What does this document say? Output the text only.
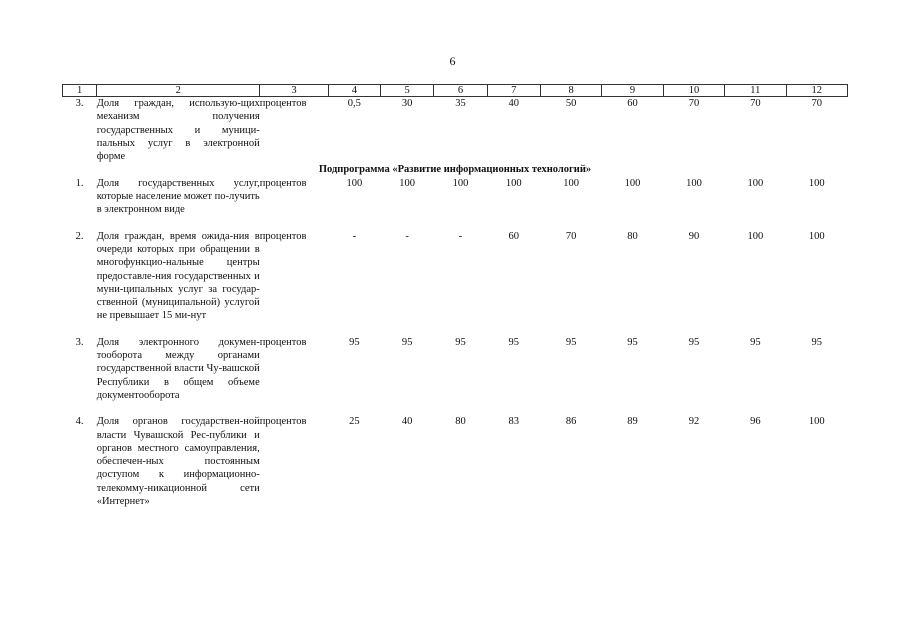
6
1	2	3	4	5	6	7	8	9	10	11	12
3.	Доля граждан, использую-щих механизм получения государственных и муници-пальных услуг в электронной форме	процентов	0,5	30	35	40	50	60	70	70	70
Подпрограмма «Развитие информационных технологий»											
1.	Доля государственных услуг, которые население может по-лучить в электронном виде	процентов	100	100	100	100	100	100	100	100	100

2.	Доля граждан, время ожида-ния в очереди которых при обращении в многофункцио-нальные центры предоставле-ния государственных и муни-ципальных услуг за государ-ственной (муниципальной) услугой не превышает 15 ми-нут	процентов	-	-	-	60	70	80	90	100	100

3.	Доля электронного докумен-тооборота между органами государственной власти Чу-вашской Республики в общем объеме документооборота	процентов	95	95	95	95	95	95	95	95	95

4.	Доля органов государствен-ной власти Чувашской Рес-публики и органов местного самоуправления, обеспечен-ных постоянным доступом к информационно-телекомму-никационной сети «Интернет»	процентов	25	40	80	83	86	89	92	96	100
